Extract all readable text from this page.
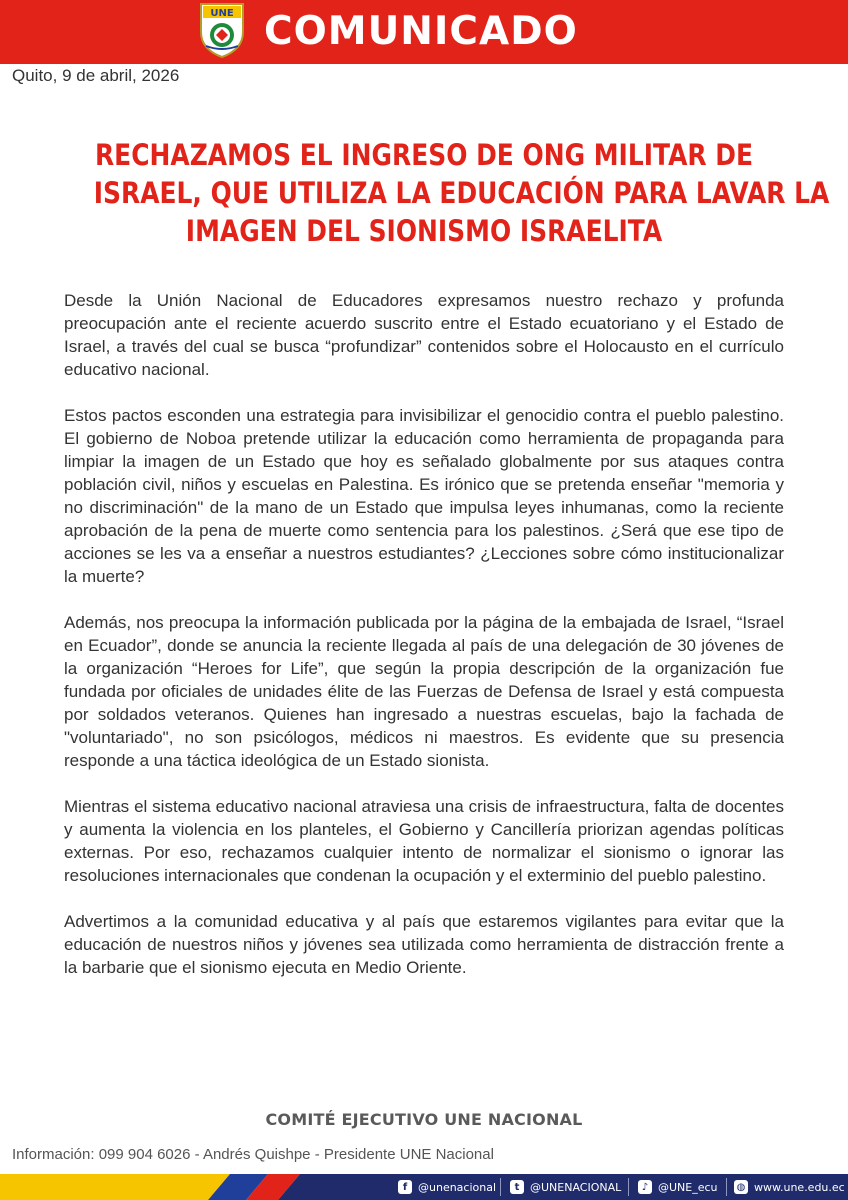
UNE COMUNICADO
Quito, 9 de abril, 2026
RECHAZAMOS EL INGRESO DE ONG MILITAR DE
ISRAEL, QUE UTILIZA LA EDUCACIÓN PARA LAVAR LA
IMAGEN DEL SIONISMO ISRAELITA

Desde la Unión Nacional de Educadores expresamos nuestro rechazo y profunda preocupación ante el reciente acuerdo suscrito entre el Estado ecuatoriano y el Estado de Israel, a través del cual se busca “profundizar” contenidos sobre el Holocausto en el currículo educativo nacional.

Estos pactos esconden una estrategia para invisibilizar el genocidio contra el pueblo palestino. El gobierno de Noboa pretende utilizar la educación como herramienta de propaganda para limpiar la imagen de un Estado que hoy es señalado globalmente por sus ataques contra población civil, niños y escuelas en Palestina. Es irónico que se pretenda enseñar "memoria y no discriminación" de la mano de un Estado que impulsa leyes inhumanas, como la reciente aprobación de la pena de muerte como sentencia para los palestinos. ¿Será que ese tipo de acciones se les va a enseñar a nuestros estudiantes? ¿Lecciones sobre cómo institucionalizar la muerte?

Además, nos preocupa la información publicada por la página de la embajada de Israel, “Israel en Ecuador”, donde se anuncia la reciente llegada al país de una delegación de 30 jóvenes de la organización “Heroes for Life”, que según la propia descripción de la organización fue fundada por oficiales de unidades élite de las Fuerzas de Defensa de Israel y está compuesta por soldados veteranos. Quienes han ingresado a nuestras escuelas, bajo la fachada de "voluntariado", no son psicólogos, médicos ni maestros. Es evidente que su presencia responde a una táctica ideológica de un Estado sionista.

Mientras el sistema educativo nacional atraviesa una crisis de infraestructura, falta de docentes y aumenta la violencia en los planteles, el Gobierno y Cancillería priorizan agendas políticas externas. Por eso, rechazamos cualquier intento de normalizar el sionismo o ignorar las resoluciones internacionales que condenan la ocupación y el exterminio del pueblo palestino.

Advertimos a la comunidad educativa y al país que estaremos vigilantes para evitar que la educación de nuestros niños y jóvenes sea utilizada como herramienta de distracción frente a la barbarie que el sionismo ejecuta en Medio Oriente.

COMITÉ EJECUTIVO UNE NACIONAL
Información: 099 904 6026 - Andrés Quishpe - Presidente UNE Nacional
f @unenacional	t @UNENACIONAL	♪ @UNE_ecu ◍ www.une.edu.ec
